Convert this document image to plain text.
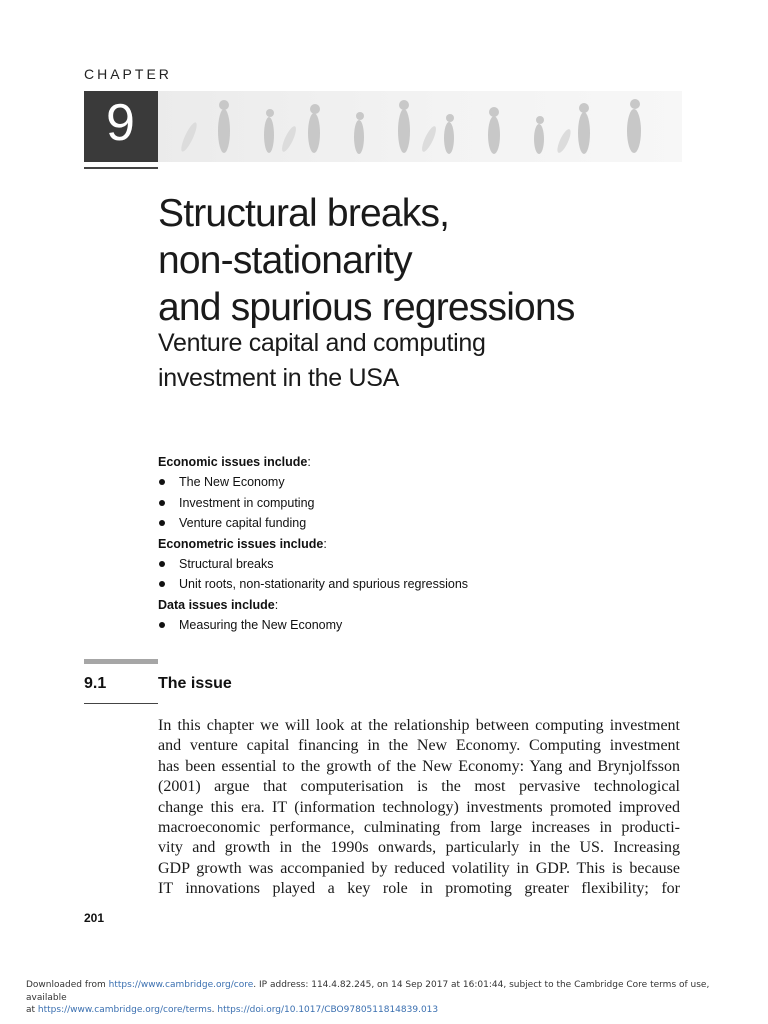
CHAPTER
9
Structural breaks,
non-stationarity
and spurious regressions
Venture capital and computing
investment in the USA
Economic issues include:
The New Economy
Investment in computing
Venture capital funding
Econometric issues include:
Structural breaks
Unit roots, non-stationarity and spurious regressions
Data issues include:
Measuring the New Economy
9.1	The issue
In this chapter we will look at the relationship between computing investment
and venture capital financing in the New Economy. Computing investment
has been essential to the growth of the New Economy: Yang and Brynjolfsson
(2001) argue that computerisation is the most pervasive technological
change this era. IT (information technology) investments promoted improved
macroeconomic performance, culminating from large increases in producti-
vity and growth in the 1990s onwards, particularly in the US. Increasing
GDP growth was accompanied by reduced volatility in GDP. This is because
IT innovations played a key role in promoting greater flexibility; for
201
Downloaded from https://www.cambridge.org/core. IP address: 114.4.82.245, on 14 Sep 2017 at 16:01:44, subject to the Cambridge Core terms of use, available
at https://www.cambridge.org/core/terms. https://doi.org/10.1017/CBO9780511814839.013
